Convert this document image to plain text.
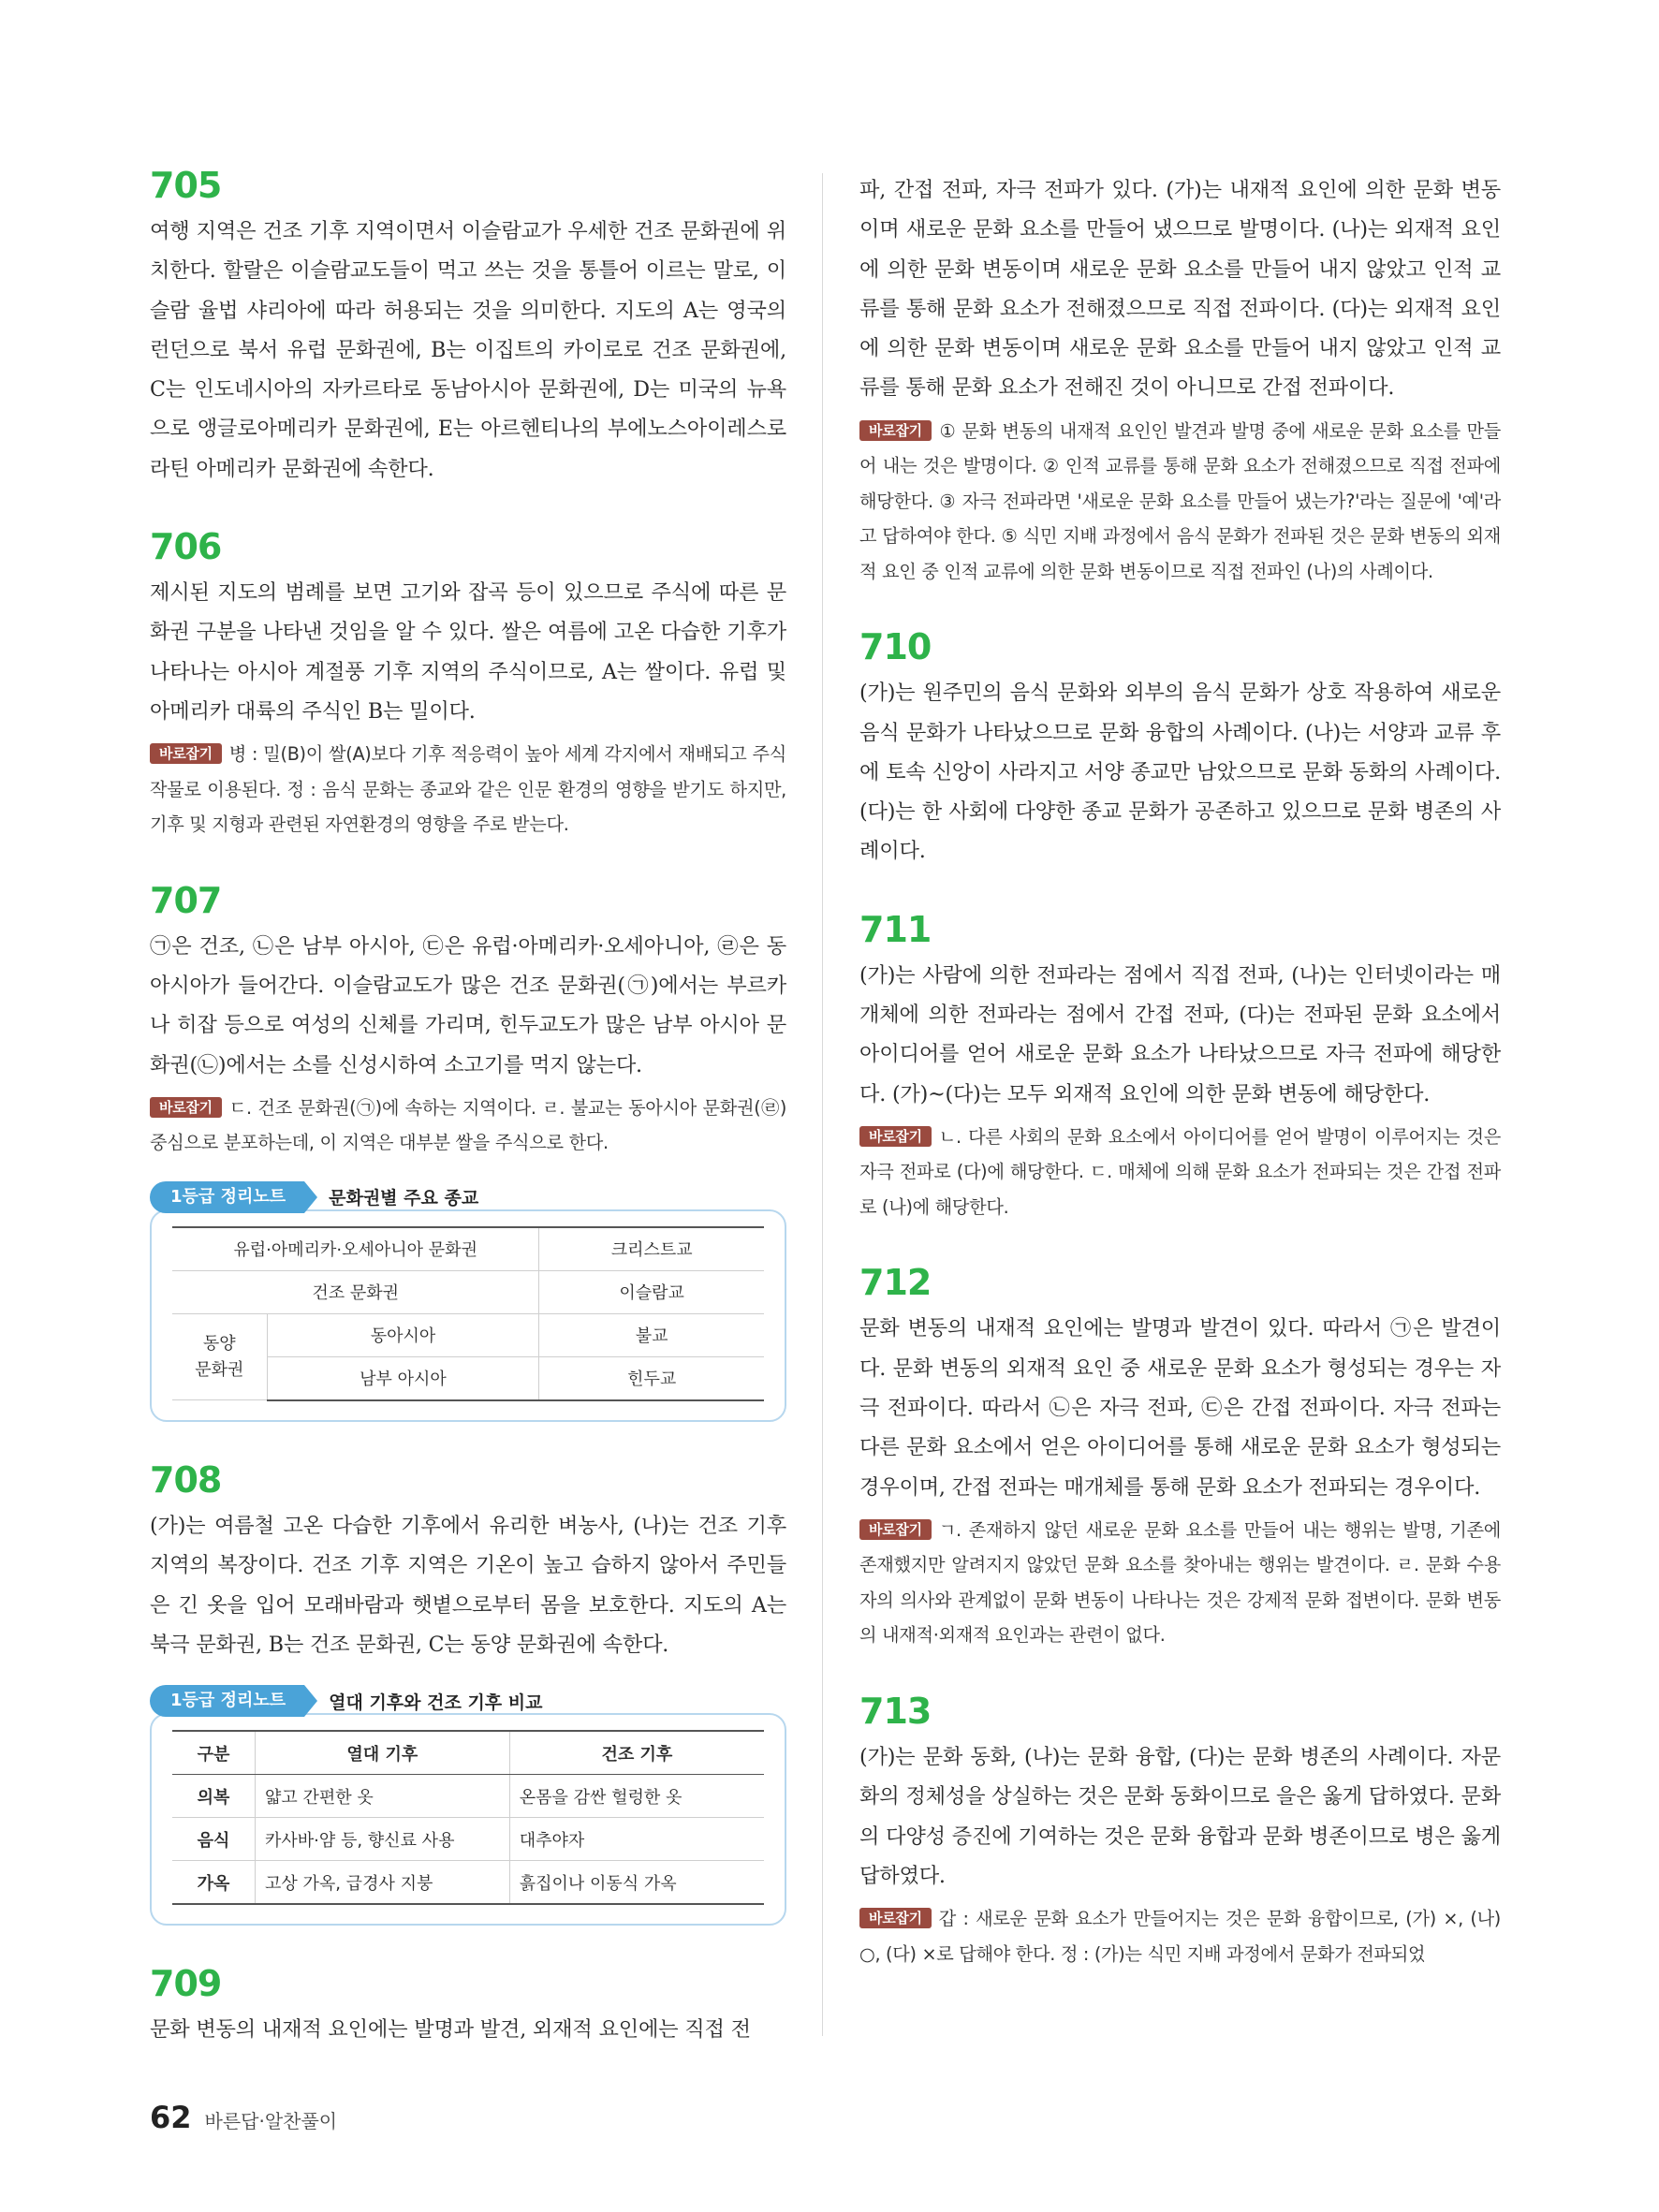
705

여행 지역은 건조 기후 지역이면서 이슬람교가 우세한 건조 문화권에 위치한다. 할랄은 이슬람교도들이 먹고 쓰는 것을 통틀어 이르는 말로, 이슬람 율법 샤리아에 따라 허용되는 것을 의미한다. 지도의 A는 영국의 런던으로 북서 유럽 문화권에, B는 이집트의 카이로로 건조 문화권에, C는 인도네시아의 자카르타로 동남아시아 문화권에, D는 미국의 뉴욕으로 앵글로아메리카 문화권에, E는 아르헨티나의 부에노스아이레스로 라틴 아메리카 문화권에 속한다.

706

제시된 지도의 범례를 보면 고기와 잡곡 등이 있으므로 주식에 따른 문화권 구분을 나타낸 것임을 알 수 있다. 쌀은 여름에 고온 다습한 기후가 나타나는 아시아 계절풍 기후 지역의 주식이므로, A는 쌀이다. 유럽 및 아메리카 대륙의 주식인 B는 밀이다.

바로잡기 병 : 밀(B)이 쌀(A)보다 기후 적응력이 높아 세계 각지에서 재배되고 주식 작물로 이용된다. 정 : 음식 문화는 종교와 같은 인문 환경의 영향을 받기도 하지만, 기후 및 지형과 관련된 자연환경의 영향을 주로 받는다.

707

㉠은 건조, ㉡은 남부 아시아, ㉢은 유럽·아메리카·오세아니아, ㉣은 동아시아가 들어간다. 이슬람교도가 많은 건조 문화권(㉠)에서는 부르카나 히잡 등으로 여성의 신체를 가리며, 힌두교도가 많은 남부 아시아 문화권(㉡)에서는 소를 신성시하여 소고기를 먹지 않는다.

바로잡기 ㄷ. 건조 문화권(㉠)에 속하는 지역이다. ㄹ. 불교는 동아시아 문화권(㉣) 중심으로 분포하는데, 이 지역은 대부분 쌀을 주식으로 한다.

1등급 정리노트	문화권별 주요 종교
유럽·아메리카·오세아니아 문화권		크리스트교
건조 문화권		이슬람교
동양
문화권	동아시아	불교
	남부 아시아	힌두교
708

(가)는 여름철 고온 다습한 기후에서 유리한 벼농사, (나)는 건조 기후 지역의 복장이다. 건조 기후 지역은 기온이 높고 습하지 않아서 주민들은 긴 옷을 입어 모래바람과 햇볕으로부터 몸을 보호한다. 지도의 A는 북극 문화권, B는 건조 문화권, C는 동양 문화권에 속한다.

1등급 정리노트	열대 기후와 건조 기후 비교
구분	열대 기후	건조 기후
의복	얇고 간편한 옷	온몸을 감싼 헐렁한 옷
음식	카사바·얌 등, 향신료 사용	대추야자
가옥	고상 가옥, 급경사 지붕	흙집이나 이동식 가옥
709

문화 변동의 내재적 요인에는 발명과 발견, 외재적 요인에는 직접 전

파, 간접 전파, 자극 전파가 있다. (가)는 내재적 요인에 의한 문화 변동이며 새로운 문화 요소를 만들어 냈으므로 발명이다. (나)는 외재적 요인에 의한 문화 변동이며 새로운 문화 요소를 만들어 내지 않았고 인적 교류를 통해 문화 요소가 전해졌으므로 직접 전파이다. (다)는 외재적 요인에 의한 문화 변동이며 새로운 문화 요소를 만들어 내지 않았고 인적 교류를 통해 문화 요소가 전해진 것이 아니므로 간접 전파이다.

바로잡기 ① 문화 변동의 내재적 요인인 발견과 발명 중에 새로운 문화 요소를 만들어 내는 것은 발명이다. ② 인적 교류를 통해 문화 요소가 전해졌으므로 직접 전파에 해당한다. ③ 자극 전파라면 '새로운 문화 요소를 만들어 냈는가?'라는 질문에 '예'라고 답하여야 한다. ⑤ 식민 지배 과정에서 음식 문화가 전파된 것은 문화 변동의 외재적 요인 중 인적 교류에 의한 문화 변동이므로 직접 전파인 (나)의 사례이다.

710

(가)는 원주민의 음식 문화와 외부의 음식 문화가 상호 작용하여 새로운 음식 문화가 나타났으므로 문화 융합의 사례이다. (나)는 서양과 교류 후에 토속 신앙이 사라지고 서양 종교만 남았으므로 문화 동화의 사례이다. (다)는 한 사회에 다양한 종교 문화가 공존하고 있으므로 문화 병존의 사례이다.

711

(가)는 사람에 의한 전파라는 점에서 직접 전파, (나)는 인터넷이라는 매개체에 의한 전파라는 점에서 간접 전파, (다)는 전파된 문화 요소에서 아이디어를 얻어 새로운 문화 요소가 나타났으므로 자극 전파에 해당한다. (가)~(다)는 모두 외재적 요인에 의한 문화 변동에 해당한다.

바로잡기 ㄴ. 다른 사회의 문화 요소에서 아이디어를 얻어 발명이 이루어지는 것은 자극 전파로 (다)에 해당한다. ㄷ. 매체에 의해 문화 요소가 전파되는 것은 간접 전파로 (나)에 해당한다.

712

문화 변동의 내재적 요인에는 발명과 발견이 있다. 따라서 ㉠은 발견이다. 문화 변동의 외재적 요인 중 새로운 문화 요소가 형성되는 경우는 자극 전파이다. 따라서 ㉡은 자극 전파, ㉢은 간접 전파이다. 자극 전파는 다른 문화 요소에서 얻은 아이디어를 통해 새로운 문화 요소가 형성되는 경우이며, 간접 전파는 매개체를 통해 문화 요소가 전파되는 경우이다.

바로잡기 ㄱ. 존재하지 않던 새로운 문화 요소를 만들어 내는 행위는 발명, 기존에 존재했지만 알려지지 않았던 문화 요소를 찾아내는 행위는 발견이다. ㄹ. 문화 수용자의 의사와 관계없이 문화 변동이 나타나는 것은 강제적 문화 접변이다. 문화 변동의 내재적·외재적 요인과는 관련이 없다.

713

(가)는 문화 동화, (나)는 문화 융합, (다)는 문화 병존의 사례이다. 자문화의 정체성을 상실하는 것은 문화 동화이므로 을은 옳게 답하였다. 문화의 다양성 증진에 기여하는 것은 문화 융합과 문화 병존이므로 병은 옳게 답하였다.

바로잡기 갑 : 새로운 문화 요소가 만들어지는 것은 문화 융합이므로, (가) ×, (나) ○, (다) ×로 답해야 한다. 정 : (가)는 식민 지배 과정에서 문화가 전파되었

62 바른답·알찬풀이
